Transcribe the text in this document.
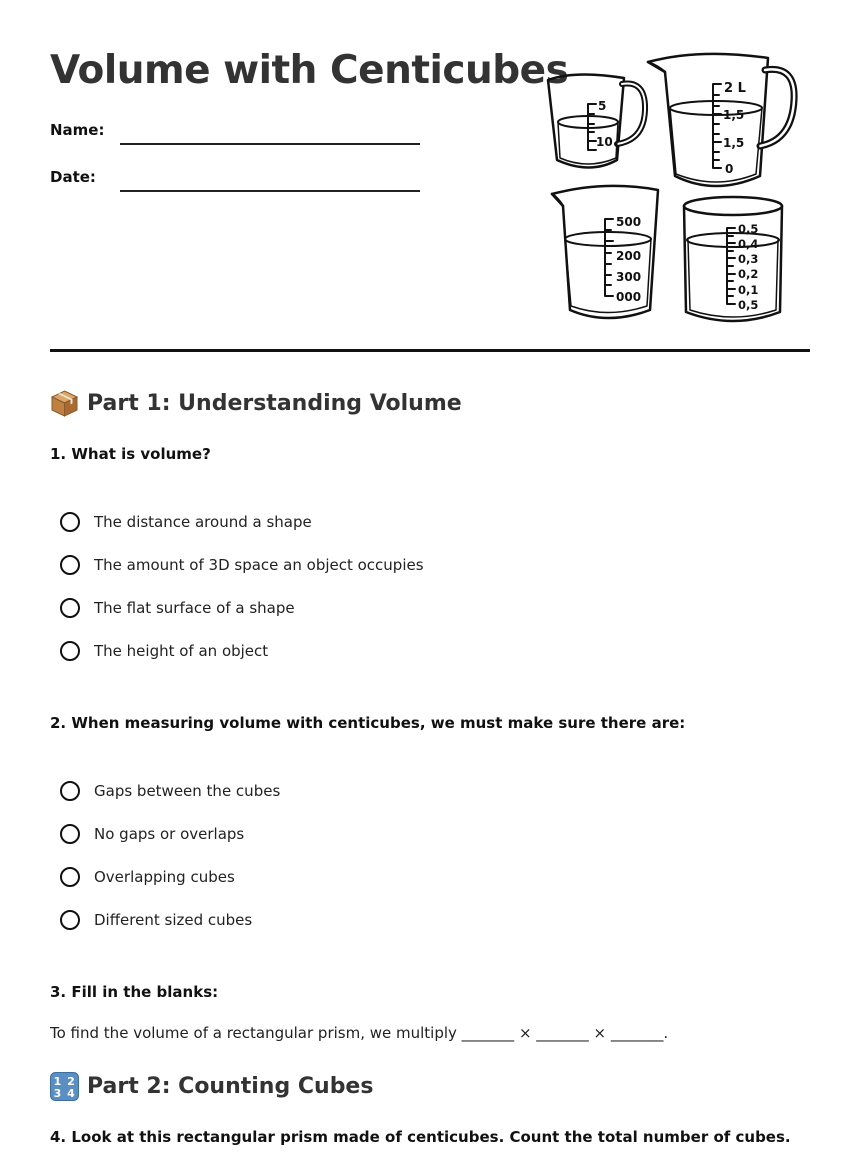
Volume with Centicubes
Name:
Date:
5
10
2 L
1,5
1,5
0
500
200
300
000
0,5
0,4
0,3
0,2
0,1
0,5
Part 1: Understanding Volume
1. What is volume?
The distance around a shape
The amount of 3D space an object occupies
The flat surface of a shape
The height of an object
2. When measuring volume with centicubes, we must make sure there are:
Gaps between the cubes
No gaps or overlaps
Overlapping cubes
Different sized cubes
3. Fill in the blanks:
To find the volume of a rectangular prism, we multiply _______ × _______ × _______.
1 2
3 4 Part 2: Counting Cubes
4. Look at this rectangular prism made of centicubes. Count the total number of cubes.
